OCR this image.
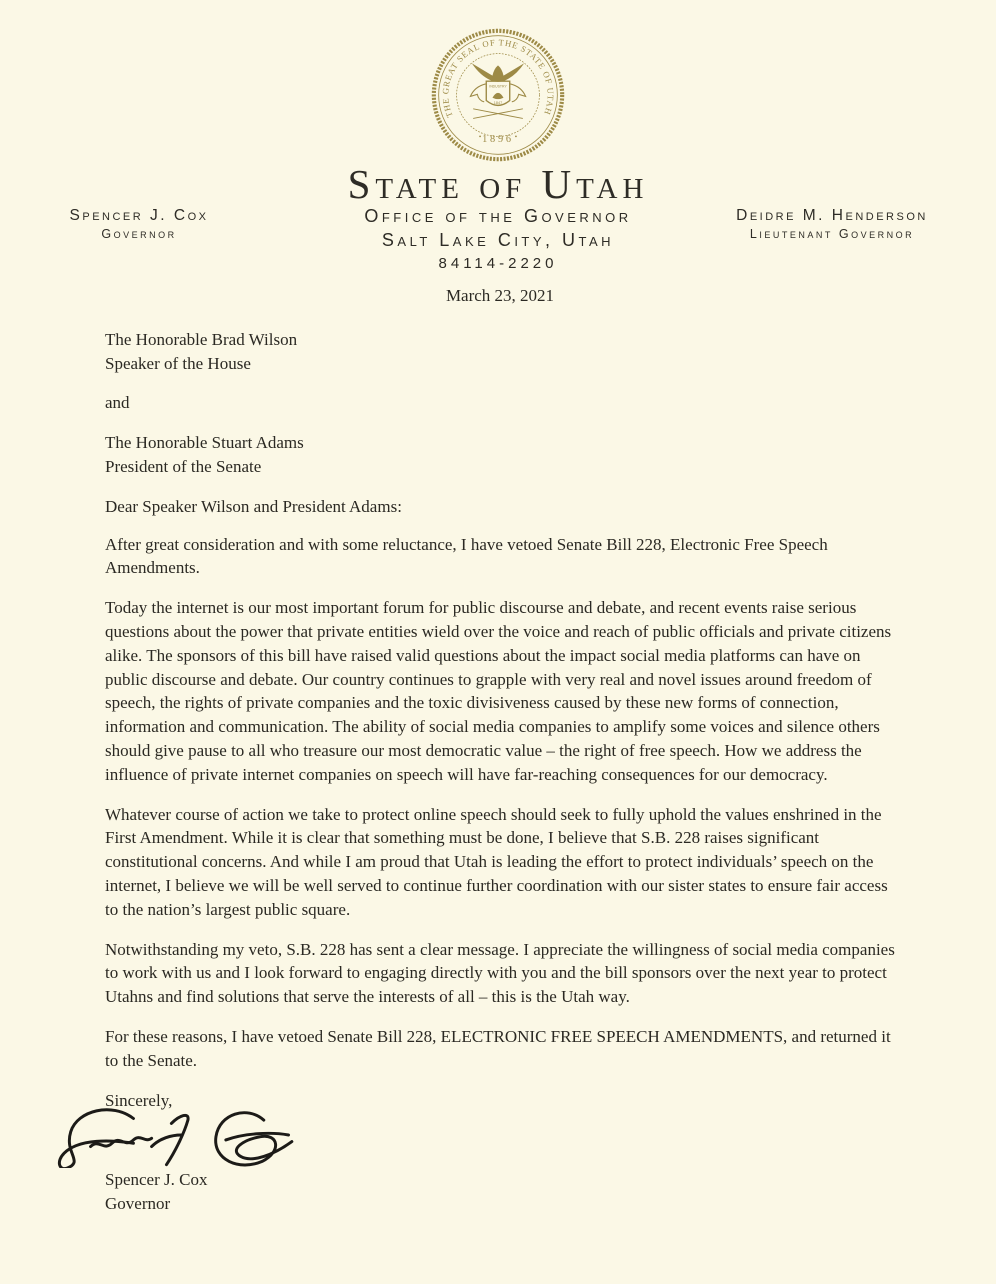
THE GREAT SEAL OF THE STATE OF UTAH
INDUSTRY
1847
1896
State of Utah
Office of the Governor
Salt Lake City, Utah
84114-2220
Spencer J. Cox
Governor
Deidre M. Henderson
Lieutenant Governor
March 23, 2021
The Honorable Brad Wilson
Speaker of the House
and
The Honorable Stuart Adams
President of the Senate
Dear Speaker Wilson and President Adams:

After great consideration and with some reluctance, I have vetoed Senate Bill 228, Electronic Free Speech Amendments.

Today the internet is our most important forum for public discourse and debate, and recent events raise serious questions about the power that private entities wield over the voice and reach of public officials and private citizens alike. The sponsors of this bill have raised valid questions about the impact social media platforms can have on public discourse and debate. Our country continues to grapple with very real and novel issues around freedom of speech, the rights of private companies and the toxic divisiveness caused by these new forms of connection, information and communication. The ability of social media companies to amplify some voices and silence others should give pause to all who treasure our most democratic value – the right of free speech. How we address the influence of private internet companies on speech will have far-reaching consequences for our democracy.

Whatever course of action we take to protect online speech should seek to fully uphold the values enshrined in the First Amendment. While it is clear that something must be done, I believe that S.B. 228 raises significant constitutional concerns. And while I am proud that Utah is leading the effort to protect individuals’ speech on the internet, I believe we will be well served to continue further coordination with our sister states to ensure fair access to the nation’s largest public square.

Notwithstanding my veto, S.B. 228 has sent a clear message. I appreciate the willingness of social media companies to work with us and I look forward to engaging directly with you and the bill sponsors over the next year to protect Utahns and find solutions that serve the interests of all – this is the Utah way.

For these reasons, I have vetoed Senate Bill 228, ELECTRONIC FREE SPEECH AMENDMENTS, and returned it to the Senate.

Sincerely,
Spencer J. Cox
Governor
